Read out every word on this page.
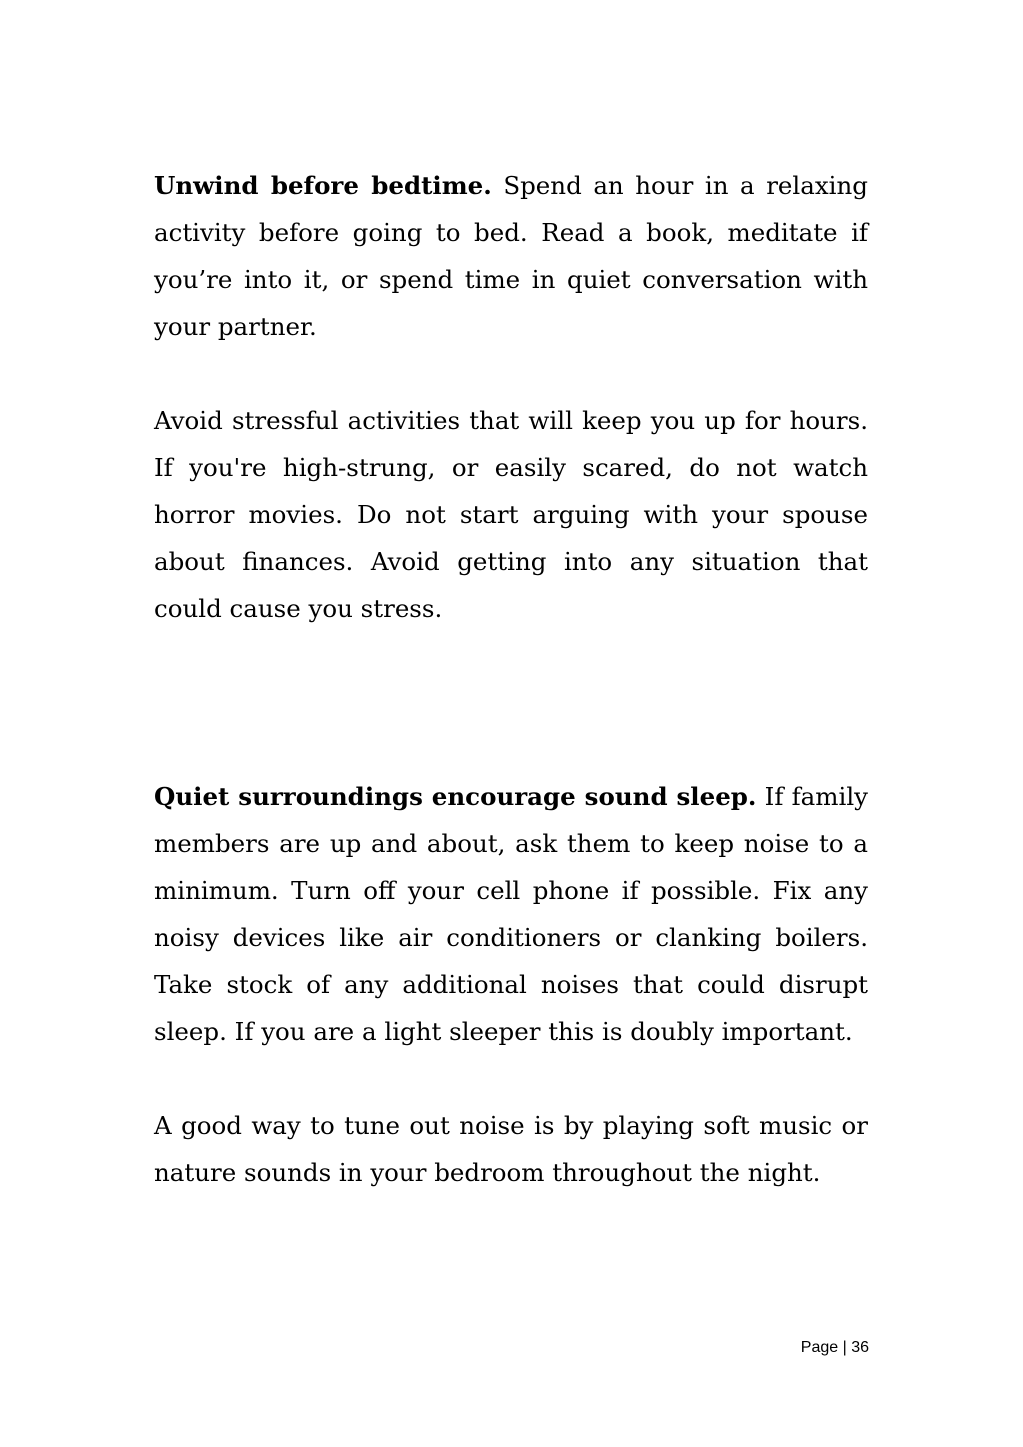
Unwind before bedtime. Spend an hour in a relaxing activity before going to bed. Read a book, meditate if you’re into it, or spend time in quiet conversation with your partner.

Avoid stressful activities that will keep you up for hours. If you're high-strung, or easily scared, do not watch horror movies. Do not start arguing with your spouse about finances. Avoid getting into any situation that could cause you stress.

Quiet surroundings encourage sound sleep. If family members are up and about, ask them to keep noise to a minimum. Turn off your cell phone if possible. Fix any noisy devices like air conditioners or clanking boilers. Take stock of any additional noises that could disrupt sleep. If you are a light sleeper this is doubly important.

A good way to tune out noise is by playing soft music or nature sounds in your bedroom throughout the night.

Page | 36
